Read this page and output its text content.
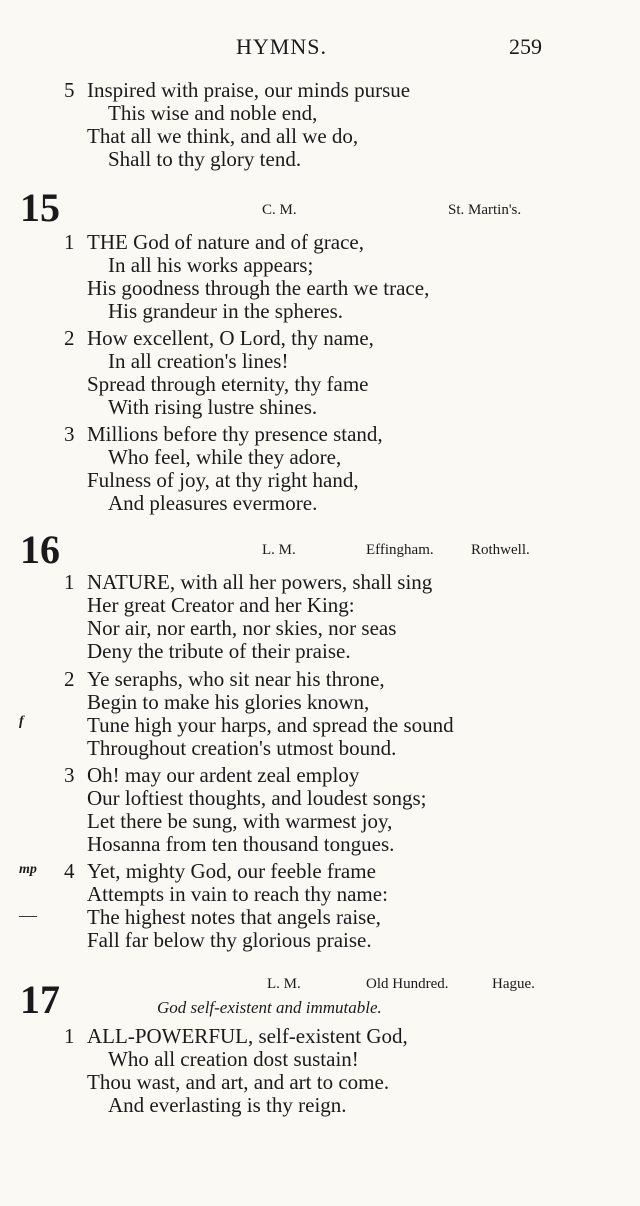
HYMNS.	259
5 Inspired with praise, our minds pursue
This wise and noble end,
That all we think, and all we do,
Shall to thy glory tend.
15	C. M.	St. Martin's.
1 THE God of nature and of grace,
In all his works appears;
His goodness through the earth we trace,
His grandeur in the spheres.
2 How excellent, O Lord, thy name,
In all creation's lines!
Spread through eternity, thy fame
With rising lustre shines.
3 Millions before thy presence stand,
Who feel, while they adore,
Fulness of joy, at thy right hand,
And pleasures evermore.
16	L. M.	Effingham. Rothwell.
1 NATURE, with all her powers, shall sing
Her great Creator and her King:
Nor air, nor earth, nor skies, nor seas
Deny the tribute of their praise.
2 Ye seraphs, who sit near his throne,
Begin to make his glories known,
f	Tune high your harps, and spread the sound
Throughout creation's utmost bound.
3 Oh! may our ardent zeal employ
Our loftiest thoughts, and loudest songs;
Let there be sung, with warmest joy,
Hosanna from ten thousand tongues.
mp 4 Yet, mighty God, our feeble frame
Attempts in vain to reach thy name:
— The highest notes that angels raise,
Fall far below thy glorious praise.
17	L. M.	Old Hundred.	Hague.
God self-existent and immutable.
1 ALL-POWERFUL, self-existent God,
Who all creation dost sustain!
Thou wast, and art, and art to come.
And everlasting is thy reign.
